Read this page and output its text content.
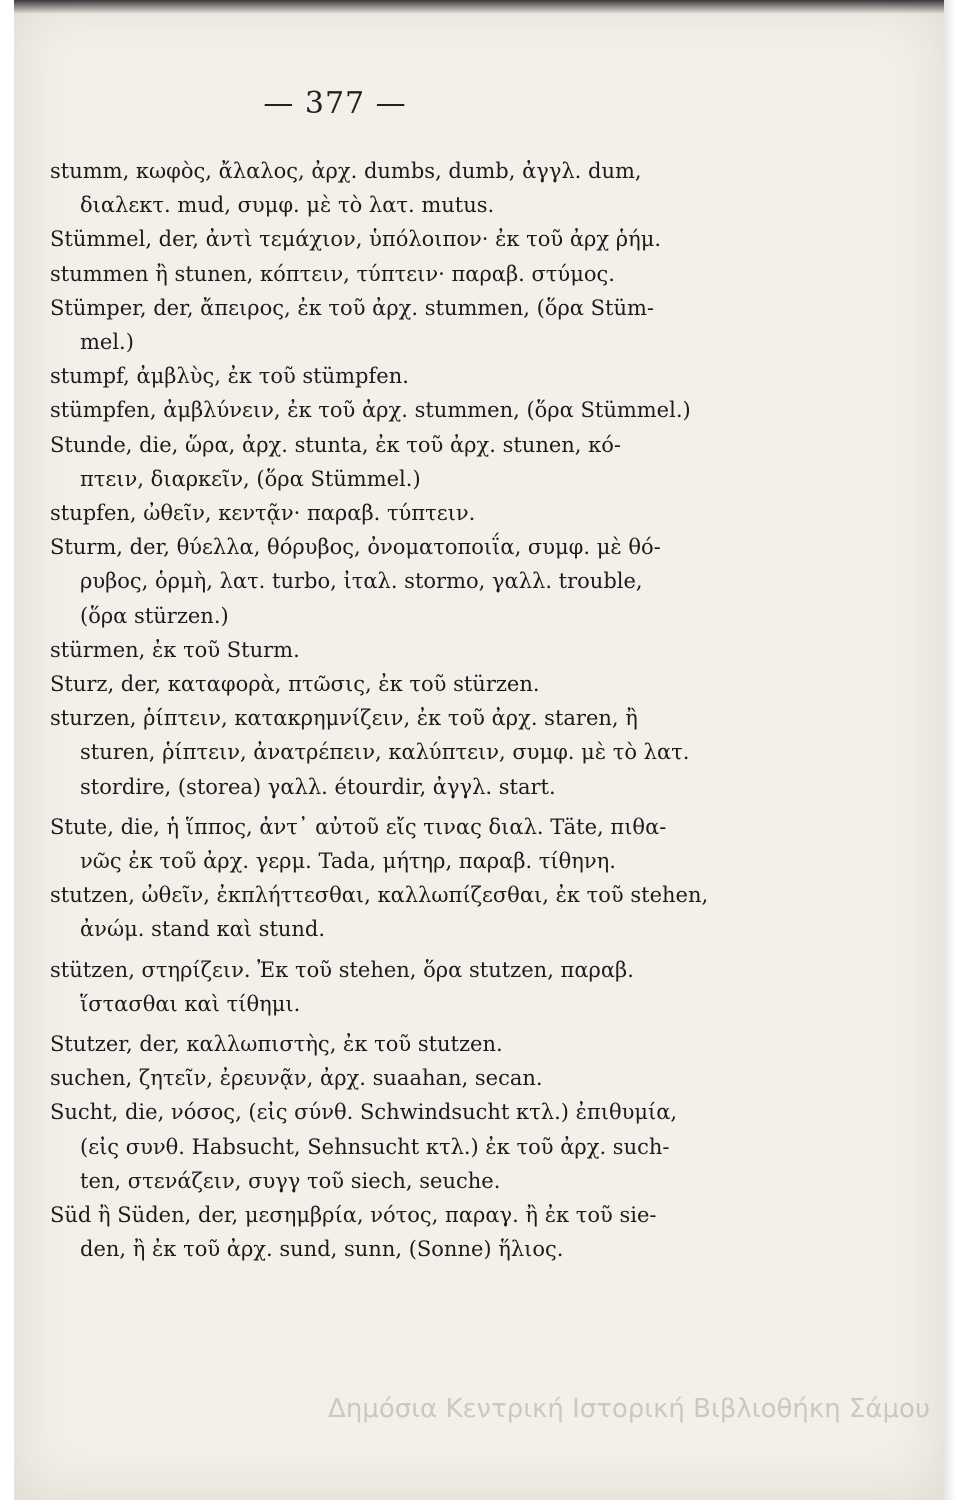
— 377 —
stumm, κωφὸς, ἄλαλος, ἀρχ. dumbs, dumb, ἀγγλ. dum,
διαλεκτ. mud, συμφ. μὲ τὸ λατ. mutus.
Stümmel, der, ἀντὶ τεμάχιον, ὑπόλοιπον· ἐκ τοῦ ἀρχ ῥήμ.
stummen ἢ stunen, κόπτειν, τύπτειν· παραβ. στύμος.
Stümper, der, ἄπειρος, ἐκ τοῦ ἀρχ. stummen, (ὅρα Stüm-
mel.)
stumpf, ἀμβλὺς, ἐκ τοῦ stümpfen.
stümpfen, ἀμβλύνειν, ἐκ τοῦ ἀρχ. stummen, (ὅρα Stümmel.)
Stunde, die, ὥρα, ἀρχ. stunta, ἐκ τοῦ ἀρχ. stunen, κό-
πτειν, διαρκεῖν, (ὅρα Stümmel.)
stupfen, ὠθεῖν, κεντᾷν· παραβ. τύπτειν.
Sturm, der, θύελλα, θόρυβος, ὀνοματοποιΐα, συμφ. μὲ θό-
ρυβος, ὁρμὴ, λατ. turbo, ἰταλ. stormo, γαλλ. trouble,
(ὅρα stürzen.)
stürmen, ἐκ τοῦ Sturm.
Sturz, der, καταφορὰ, πτῶσις, ἐκ τοῦ stürzen.
sturzen, ῥίπτειν, κατακρημνίζειν, ἐκ τοῦ ἀρχ. staren, ἢ
sturen, ῥίπτειν, ἀνατρέπειν, καλύπτειν, συμφ. μὲ τὸ λατ.
stordire, (storea) γαλλ. étourdir, ἀγγλ. start.
Stute, die, ἡ ἵππος, ἀντ᾽ αὐτοῦ εἴς τινας διαλ. Täte, πιθα-
νῶς ἐκ τοῦ ἀρχ. γερμ. Tada, μήτηρ, παραβ. τίθηνη.
stutzen, ὠθεῖν, ἐκπλήττεσθαι, καλλωπίζεσθαι, ἐκ τοῦ stehen,
ἀνώμ. stand καὶ stund.
stützen, στηρίζειν. Ἐκ τοῦ stehen, ὅρα stutzen, παραβ.
ἵστασθαι καὶ τίθημι.
Stutzer, der, καλλωπιστὴς, ἐκ τοῦ stutzen.
suchen, ζητεῖν, ἐρευνᾷν, ἀρχ. suaahan, secan.
Sucht, die, νόσος, (εἰς σύνθ. Schwindsucht κτλ.) ἐπιθυμία,
(εἰς συνθ. Habsucht, Sehnsucht κτλ.) ἐκ τοῦ ἀρχ. such-
ten, στενάζειν, συγγ τοῦ siech, seuche.
Süd ἢ Süden, der, μεσημβρία, νότος, παραγ. ἢ ἐκ τοῦ sie-
den, ἢ ἐκ τοῦ ἀρχ. sund, sunn, (Sonne) ἥλιος.
Δημόσια Κεντρική Ιστορική Βιβλιοθήκη Σάμου
